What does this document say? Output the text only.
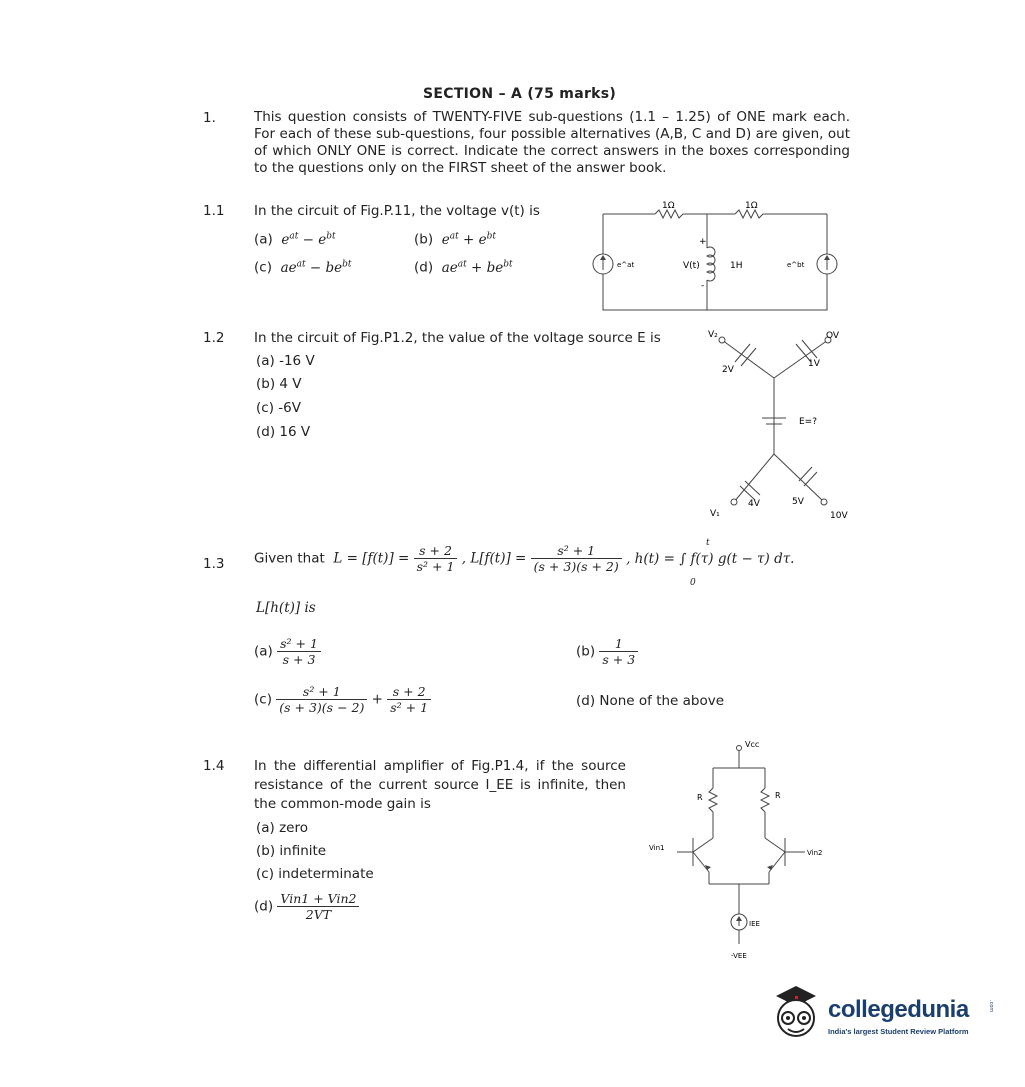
SECTION – A (75 marks)
1.	This question consists of TWENTY-FIVE sub-questions (1.1 – 1.25) of ONE mark each. For each of these sub-questions, four possible alternatives (A,B, C and D) are given, out of which ONLY ONE is correct. Indicate the correct answers in the boxes corresponding to the questions only on the FIRST sheet of the answer book.
1.1 In the circuit of Fig.P.11, the voltage v(t) is
(a) $e^{at} - e^{bt}$	(b) $e^{at} + e^{bt}$
(c) $ae^{at} - be^{bt}$	(d) $ae^{at} + be^{bt}$
1Ω	1Ω
+
V(t)	1H
-
e^at	e^bt
1.2 In the circuit of Fig.P1.2, the value of the voltage source E is
(a) -16 V
(b) 4 V
(c) -6V
(d) 16 V
V₂	OV
2V
1V
E=?
4V	5V
V₁	10V
1.3 Given that  $L = [f(t)] = \frac{s + 2}{\text{s² + 1}}$ , $L[f(t)] = \frac{\text{s² + 1}}{(s + 3)(s + 2)}$ , h(t) = ∫ f(τ) g(t − τ) dτ.
t
0
L[h(t)] is
$(a) \frac{\text{s² + 1}}{s + 3}$	$(b) \frac{1}{s + 3}$
$(c) \frac{\text{s² + 1}}{(s + 3)(s - 2)} + \frac{s + 2}{\text{s² + 1}}$	(d) None of the above
1.4 In the differential amplifier of Fig.P1.4, if the source resistance of the current source I_EE is infinite, then the common-mode gain is
(a) zero
(b) infinite
(c) indeterminate
$(d) \frac{\text{Vin1 + Vin2}}{2VT}$
Vcc
R	R
Vin1
Vin2
IEE
-VEE
collegedunia	.com
India's largest Student Review Platform
